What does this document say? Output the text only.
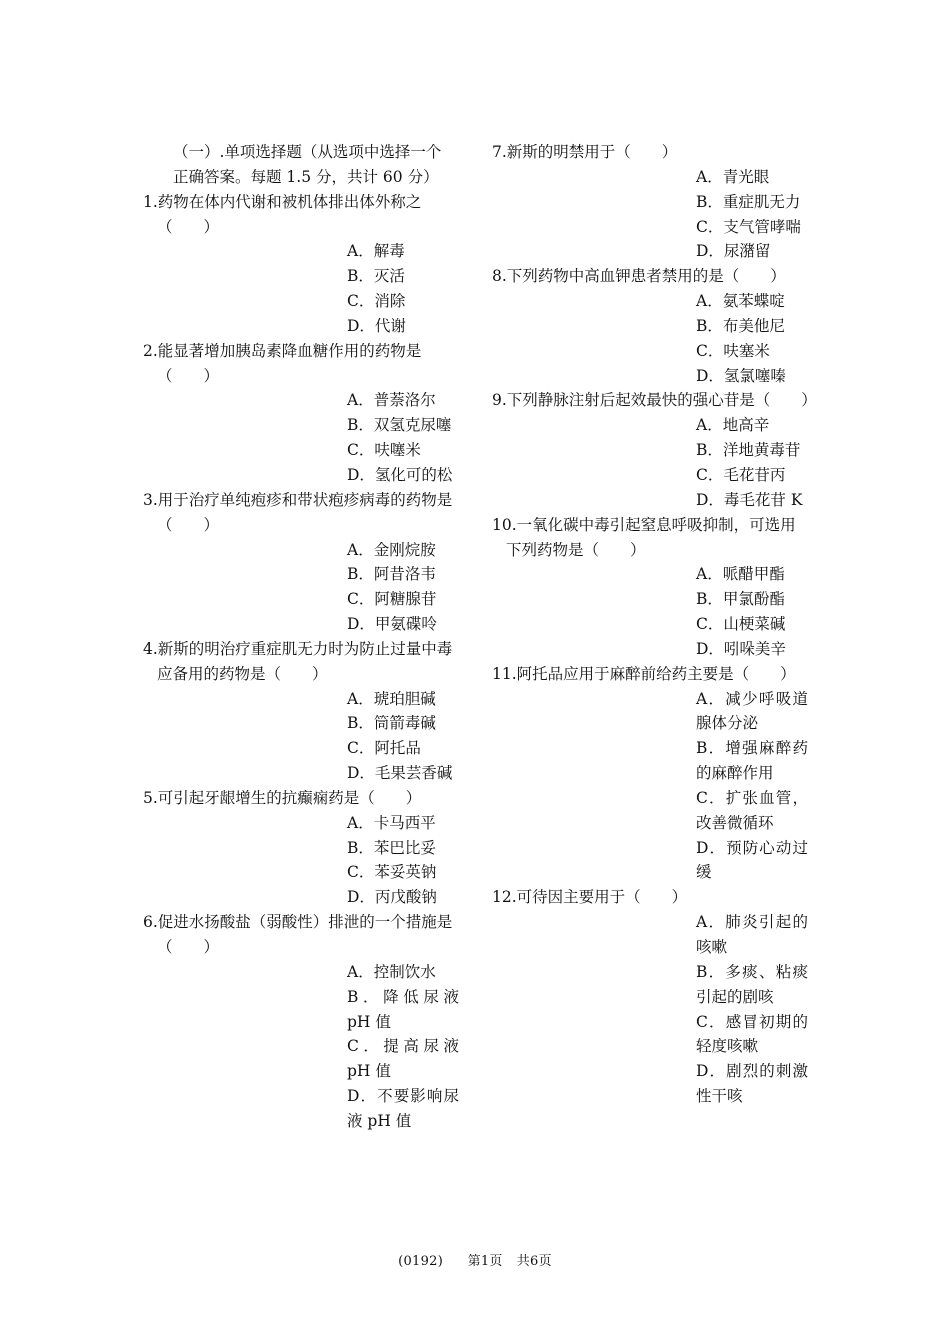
（一）.单项选择题（从选项中选择一个
正确答案。每题 1.5 分，共计 60 分）
1.药物在体内代谢和被机体排出体外称之（　　）
A．解毒
B．灭活
C．消除
D．代谢
2.能显著增加胰岛素降血糖作用的药物是（　　）
A．普萘洛尔
B．双氢克尿噻
C．呋噻米
D．氢化可的松
3.用于治疗单纯疱疹和带状疱疹病毒的药物是（　　）
A．金刚烷胺
B．阿昔洛韦
C．阿糖腺苷
D．甲氨碟呤
4.新斯的明治疗重症肌无力时为防止过量中毒应备用的药物是（　　）
A．琥珀胆碱
B．筒箭毒碱
C．阿托品
D．毛果芸香碱
5.可引起牙龈增生的抗癫痫药是（　　）
A．卡马西平
B．苯巴比妥
C．苯妥英钠
D．丙戊酸钠
6.促进水扬酸盐（弱酸性）排泄的一个措施是（　　）
A．控制饮水
B．降低尿液 pH 值
C．提高尿液 pH 值
D．不要影响尿液 pH 值
7.新斯的明禁用于（　　）
A．青光眼
B．重症肌无力
C．支气管哮喘
D．尿潴留
8.下列药物中高血钾患者禁用的是（　　）
A．氨苯蝶啶
B．布美他尼
C．呋塞米
D．氢氯噻嗪
9.下列静脉注射后起效最快的强心苷是（　　）
A．地高辛
B．洋地黄毒苷
C．毛花苷丙
D．毒毛花苷 K
10.一氧化碳中毒引起窒息呼吸抑制，可选用下列药物是（　　）
A．哌醋甲酯
B．甲氯酚酯
C．山梗菜碱
D．吲哚美辛
11.阿托品应用于麻醉前给药主要是（　　）
A．减少呼吸道腺体分泌
B．增强麻醉药的麻醉作用
C．扩张血管，改善微循环
D．预防心动过缓
12.可待因主要用于（　　）
A．肺炎引起的咳嗽
B．多痰、粘痰引起的剧咳
C．感冒初期的轻度咳嗽
D．剧烈的刺激性干咳
(0192) 第1页 共6页
